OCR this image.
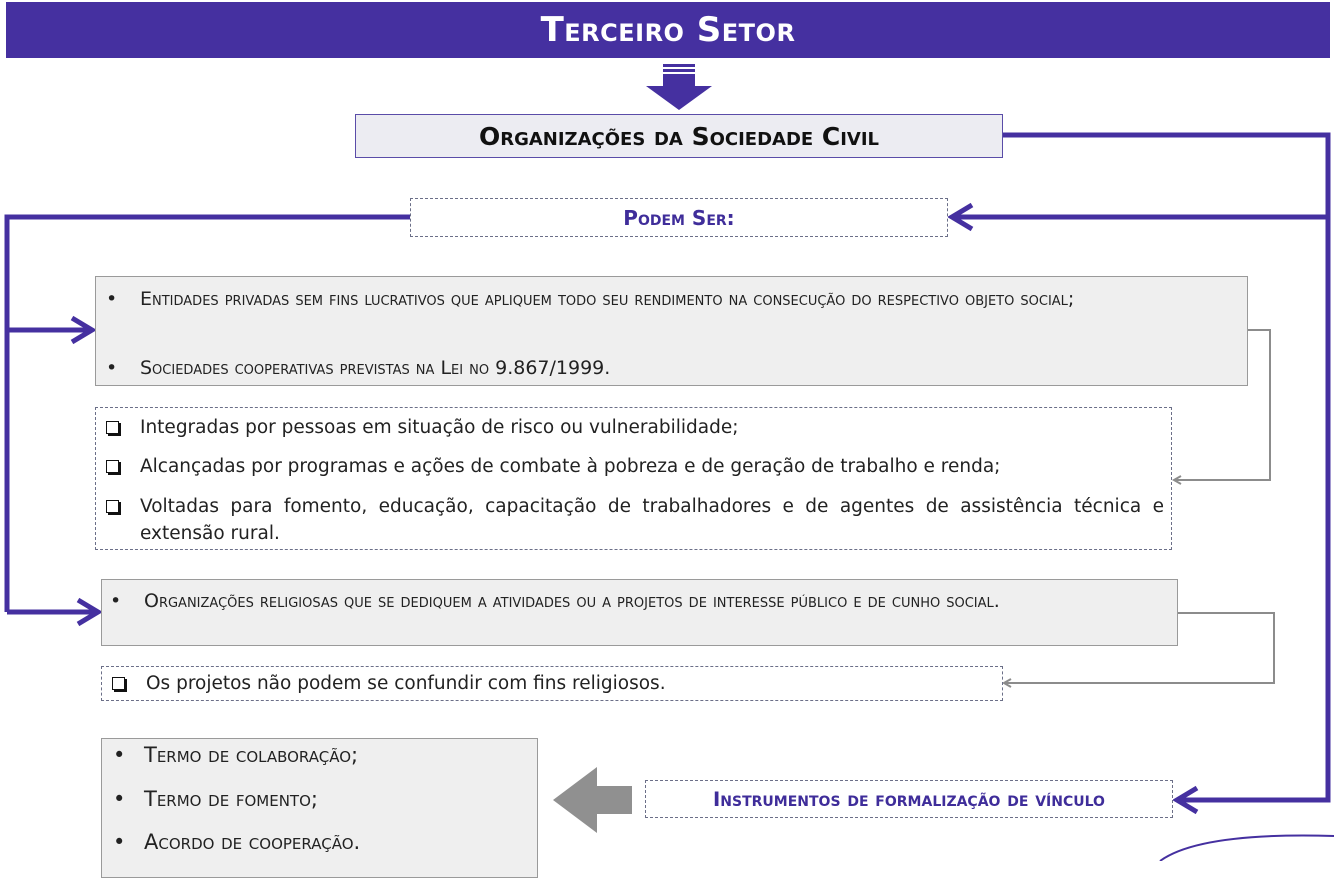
Terceiro Setor
Organizações da Sociedade Civil
Podem Ser:
• Entidades privadas sem fins lucrativos que apliquem todo seu rendimento na consecução do respectivo objeto social;
• Sociedades cooperativas previstas na Lei no 9.867/1999.
Integradas por pessoas em situação de risco ou vulnerabilidade;
Alcançadas por programas e ações de combate à pobreza e de geração de trabalho e renda;
Voltadas para fomento, educação, capacitação de trabalhadores e de agentes de assistência técnica e extensão rural.
• Organizações religiosas que se dediquem a atividades ou a projetos de interesse público e de cunho social.
Os projetos não podem se confundir com fins religiosos.
• Termo de colaboração;
• Termo de fomento;
• Acordo de cooperação.
Instrumentos de formalização de vínculo
